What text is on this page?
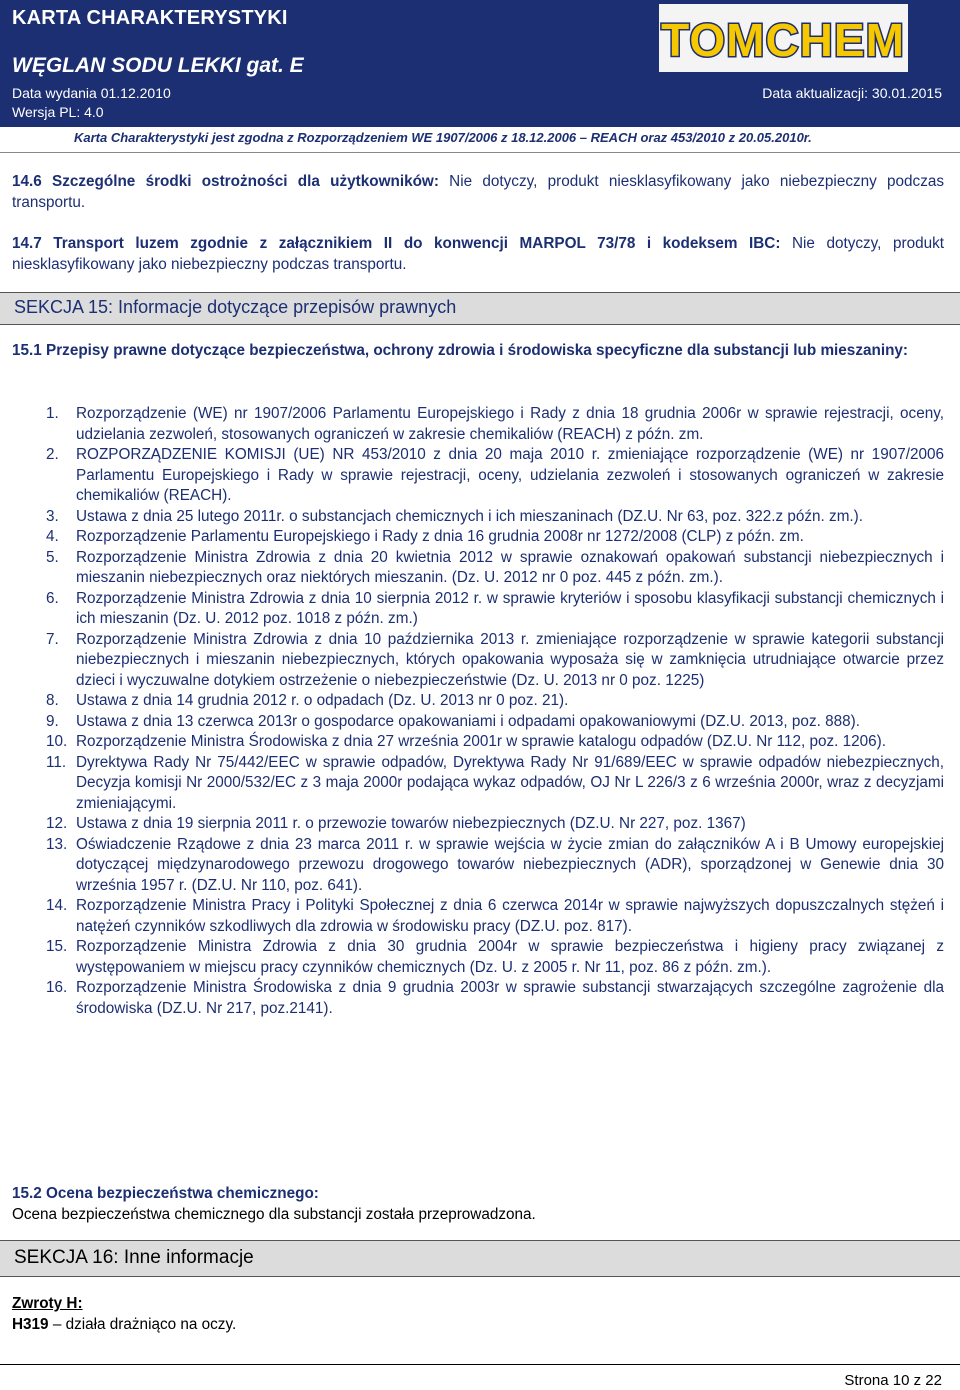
KARTA CHARAKTERYSTYKI
WĘGLAN SODU LEKKI gat. E
Data wydania 01.12.2010	Data aktualizacji: 30.01.2015
Wersja PL: 4.0
TOMCHEM
Karta Charakterystyki jest zgodna z Rozporządzeniem WE 1907/2006 z 18.12.2006 – REACH oraz 453/2010 z 20.05.2010r.

14.6 Szczególne środki ostrożności dla użytkowników: Nie dotyczy, produkt niesklasyfikowany jako niebezpieczny podczas transportu.

14.7 Transport luzem zgodnie z załącznikiem II do konwencji MARPOL 73/78 i kodeksem IBC: Nie dotyczy, produkt niesklasyfikowany jako niebezpieczny podczas transportu.

SEKCJA 15: Informacje dotyczące przepisów prawnych

15.1 Przepisy prawne dotyczące bezpieczeństwa, ochrony zdrowia i środowiska specyficzne dla substancji lub mieszaniny:

1.	Rozporządzenie (WE) nr 1907/2006 Parlamentu Europejskiego i Rady z dnia 18 grudnia 2006r w sprawie rejestracji, oceny, udzielania zezwoleń, stosowanych ograniczeń w zakresie chemikaliów (REACH) z późn. zm.
2.	ROZPORZĄDZENIE KOMISJI (UE) NR 453/2010 z dnia 20 maja 2010 r. zmieniające rozporządzenie (WE) nr 1907/2006 Parlamentu Europejskiego i Rady w sprawie rejestracji, oceny, udzielania zezwoleń i stosowanych ograniczeń w zakresie chemikaliów (REACH).
3.	Ustawa z dnia 25 lutego 2011r. o substancjach chemicznych i ich mieszaninach (DZ.U. Nr 63, poz. 322.z późn. zm.).
4.	Rozporządzenie Parlamentu Europejskiego i Rady z dnia 16 grudnia 2008r nr 1272/2008 (CLP) z późn. zm.
5.	Rozporządzenie Ministra Zdrowia z dnia 20 kwietnia 2012 w sprawie oznakowań opakowań substancji niebezpiecznych i mieszanin niebezpiecznych oraz niektórych mieszanin. (Dz. U. 2012 nr 0 poz. 445 z późn. zm.).
6.	Rozporządzenie Ministra Zdrowia z dnia 10 sierpnia 2012 r. w sprawie kryteriów i sposobu klasyfikacji substancji chemicznych i ich mieszanin (Dz. U. 2012 poz. 1018 z późn. zm.)
7.	Rozporządzenie Ministra Zdrowia z dnia 10 października 2013 r. zmieniające rozporządzenie w sprawie kategorii substancji niebezpiecznych i mieszanin niebezpiecznych, których opakowania wyposaża się w zamknięcia utrudniające otwarcie przez dzieci i wyczuwalne dotykiem ostrzeżenie o niebezpieczeństwie (Dz. U. 2013 nr 0 poz. 1225)
8.	Ustawa z dnia 14 grudnia 2012 r. o odpadach (Dz. U. 2013 nr 0 poz. 21).
9.	Ustawa z dnia 13 czerwca 2013r o gospodarce opakowaniami i odpadami opakowaniowymi (DZ.U. 2013, poz. 888).
10. Rozporządzenie Ministra Środowiska z dnia 27 września 2001r w sprawie katalogu odpadów (DZ.U. Nr 112, poz. 1206).
11. Dyrektywa Rady Nr 75/442/EEC w sprawie odpadów, Dyrektywa Rady Nr 91/689/EEC w sprawie odpadów niebezpiecznych, Decyzja komisji Nr 2000/532/EC z 3 maja 2000r podająca wykaz odpadów, OJ Nr L 226/3 z 6 września 2000r, wraz z decyzjami zmieniającymi.
12. Ustawa z dnia 19 sierpnia 2011 r. o przewozie towarów niebezpiecznych (DZ.U. Nr 227, poz. 1367)
13. Oświadczenie Rządowe z dnia 23 marca 2011 r. w sprawie wejścia w życie zmian do załączników A i B Umowy europejskiej dotyczącej międzynarodowego przewozu drogowego towarów niebezpiecznych (ADR), sporządzonej w Genewie dnia 30 września 1957 r. (DZ.U. Nr 110, poz. 641).
14. Rozporządzenie Ministra Pracy i Polityki Społecznej z dnia 6 czerwca 2014r w sprawie najwyższych dopuszczalnych stężeń i natężeń czynników szkodliwych dla zdrowia w środowisku pracy (DZ.U. poz. 817).
15. Rozporządzenie Ministra Zdrowia z dnia 30 grudnia 2004r w sprawie bezpieczeństwa i higieny pracy związanej z występowaniem w miejscu pracy czynników chemicznych (Dz. U. z 2005 r. Nr 11, poz. 86 z późn. zm.).
16. Rozporządzenie Ministra Środowiska z dnia 9 grudnia 2003r w sprawie substancji stwarzających szczególne zagrożenie dla środowiska (DZ.U. Nr 217, poz.2141).
15.2 Ocena bezpieczeństwa chemicznego:
Ocena bezpieczeństwa chemicznego dla substancji została przeprowadzona.
SEKCJA 16: Inne informacje
Zwroty H:
H319 – działa drażniąco na oczy.
Strona 10 z 22
